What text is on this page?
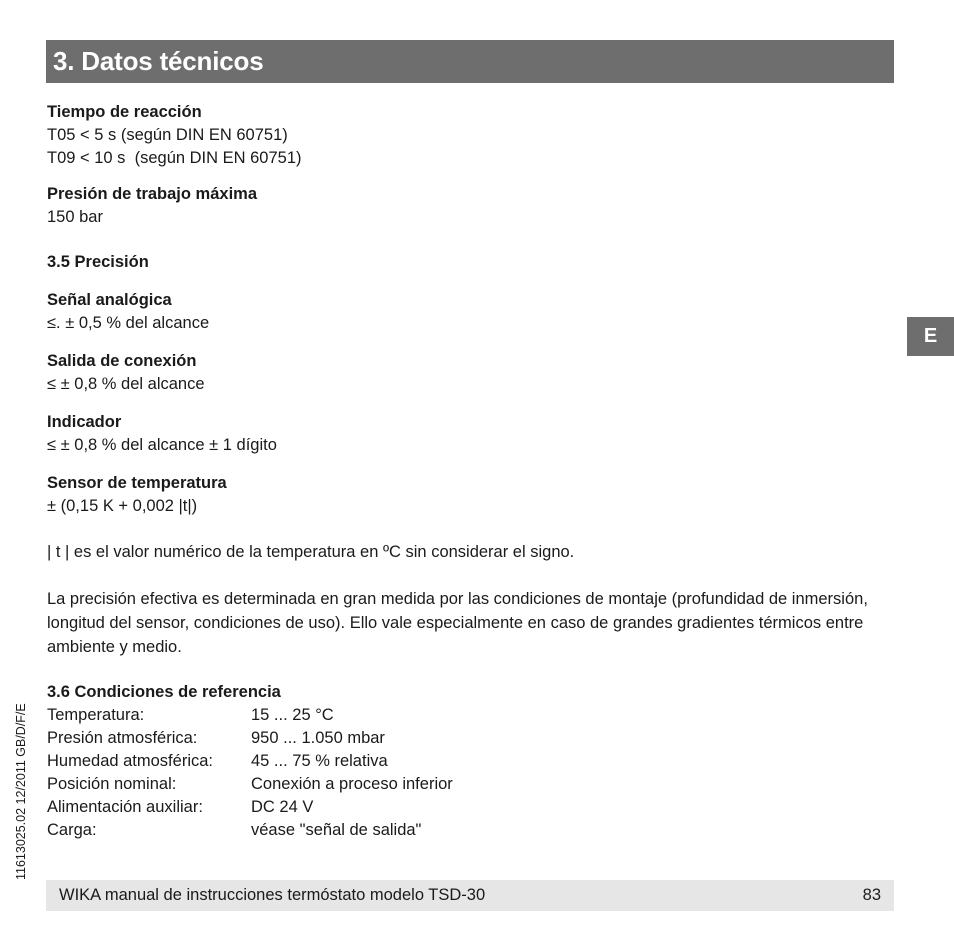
3. Datos técnicos
Tiempo de reacción
T05 < 5 s (según DIN EN 60751)
T09 < 10 s  (según DIN EN 60751)
Presión de trabajo máxima
150 bar
3.5 Precisión
Señal analógica
≤. ± 0,5 % del alcance
Salida de conexión
≤ ± 0,8 % del alcance
Indicador
≤ ± 0,8 % del alcance ± 1 dígito
Sensor de temperatura
± (0,15 K + 0,002 |t|)
| t | es el valor numérico de la temperatura en ºC sin considerar el signo.
La precisión efectiva es determinada en gran medida por las condiciones de montaje (profundidad de inmersión, longitud del sensor, condiciones de uso). Ello vale especialmente en caso de grandes gradientes térmicos entre ambiente y medio.
3.6 Condiciones de referencia
Temperatura:	15 ... 25 °C
Presión atmosférica:	950 ... 1.050 mbar
Humedad atmosférica:	45 ... 75 % relativa
Posición nominal:	Conexión a proceso inferior
Alimentación auxiliar:	DC 24 V
Carga:	véase "señal de salida"
E
11613025.02 12/2011 GB/D/F/E
WIKA manual de instrucciones termóstato modelo TSD-30	83
